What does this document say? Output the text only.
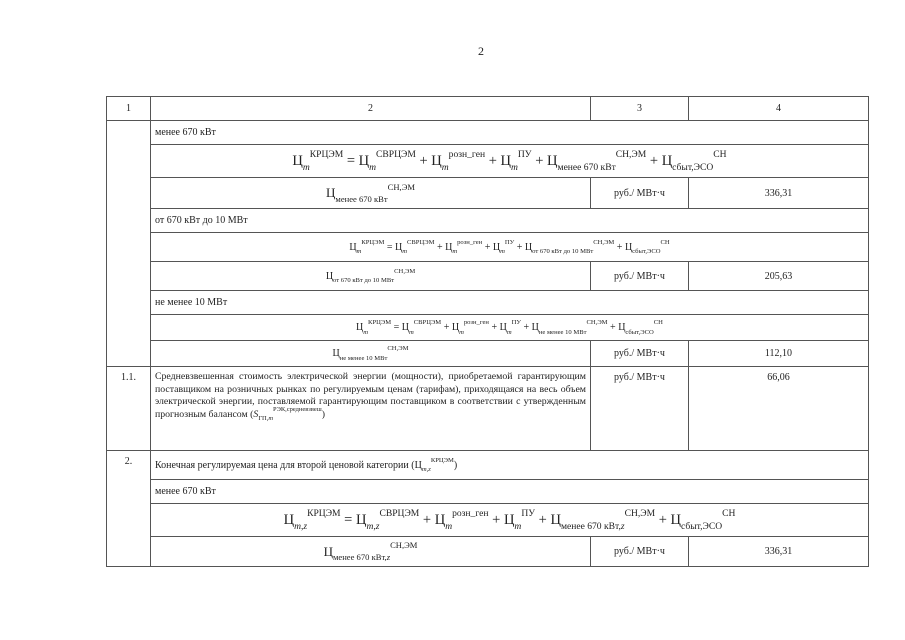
2
1	2	3	4
	менее 670 кВт		
	$Ц_m^{КРЦЭМ} = Ц_m^{СВРЦЭМ} + Ц_m^{розн\_ген} + Ц_m^{ПУ} + Ц_{менее 670 кВт}^{СН,ЭМ} + Ц_{сбыт,ЭСО}^{СН}$
	$Ц_{менее 670 кВт}^{СН,ЭМ}$	руб./ МВт·ч	336,31
	от 670 кВт до 10 МВт		
	$Ц_m^{КРЦЭМ} = Ц_m^{СВРЦЭМ} + Ц_m^{розн\_ген} + Ц_m^{ПУ} + Ц_{от 670 кВт до 10 МВт}^{СН,ЭМ} + Ц_{сбыт,ЭСО}^{СН}$
	$Ц_{от 670 кВт до 10 МВт}^{СН,ЭМ}$	руб./ МВт·ч	205,63
	не менее 10 МВт		
	$Ц_m^{КРЦЭМ} = Ц_m^{СВРЦЭМ} + Ц_m^{розн\_ген} + Ц_m^{ПУ} + Ц_{не менее 10 МВт}^{СН,ЭМ} + Ц_{сбыт,ЭСО}^{СН}$
	$Ц_{не менее 10 МВт}^{СН,ЭМ}$	руб./ МВт·ч	112,10
1.1.	Средневзвешенная стоимость электрической энергии (мощности), приобретаемой гарантирующим поставщиком на розничных рынках по регулируемым ценам (тарифам), приходящаяся на весь объем электрической энергии, поставляемой гарантирующим поставщиком в соответствии с утвержденным прогнозным балансом $(S_{ГП,m}^{РЭК,средневзвеш})$	руб./ МВт·ч	66,06
2.	Конечная регулируемая цена для второй ценовой категории $(Ц_{m,z}^{КРЦЭМ})$		
	менее 670 кВт		
	$Ц_{m,z}^{КРЦЭМ} = Ц_{m,z}^{СВРЦЭМ} + Ц_m^{розн\_ген} + Ц_m^{ПУ} + Ц_{менее 670 кВт,z}^{СН,ЭМ} + Ц_{сбыт,ЭСО}^{СН}$
	$Ц_{менее 670 кВт,z}^{СН,ЭМ}$	руб./ МВт·ч	336,31
